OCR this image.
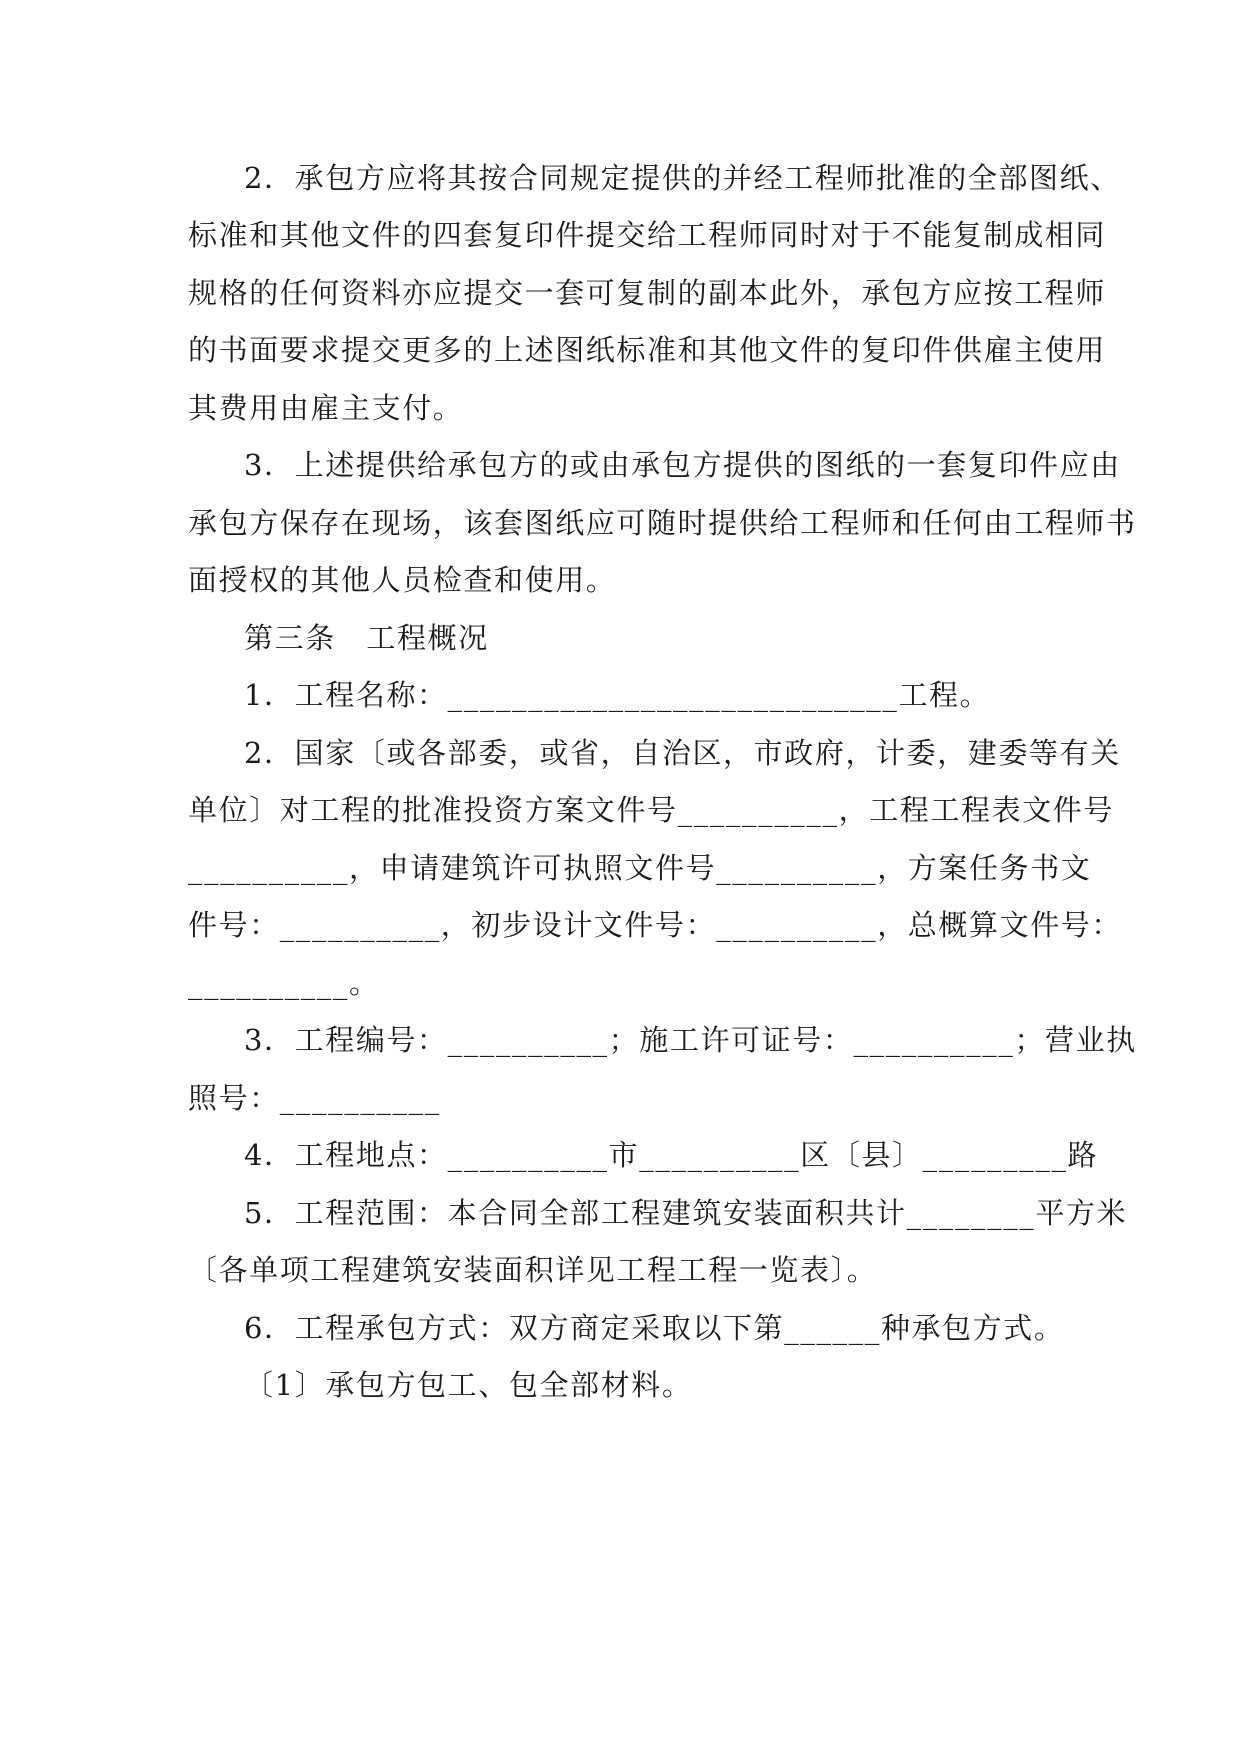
2．承包方应将其按合同规定提供的并经工程师批准的全部图纸、
标准和其他文件的四套复印件提交给工程师同时对于不能复制成相同
规格的任何资料亦应提交一套可复制的副本此外，承包方应按工程师
的书面要求提交更多的上述图纸标准和其他文件的复印件供雇主使用
其费用由雇主支付。
3．上述提供给承包方的或由承包方提供的图纸的一套复印件应由
承包方保存在现场，该套图纸应可随时提供给工程师和任何由工程师书
面授权的其他人员检查和使用。
第三条　工程概况
1．工程名称：____________________________工程。
2．国家〔或各部委，或省，自治区，市政府，计委，建委等有关
单位〕对工程的批准投资方案文件号__________，工程工程表文件号
__________，申请建筑许可执照文件号__________，方案任务书文
件号：__________，初步设计文件号：__________，总概算文件号：
__________。
3．工程编号：__________；施工许可证号：__________；营业执
照号：__________
4．工程地点：__________市__________区〔县〕_________路
5．工程范围：本合同全部工程建筑安装面积共计________平方米
〔各单项工程建筑安装面积详见工程工程一览表〕。
6．工程承包方式：双方商定采取以下第______种承包方式。
〔1〕承包方包工、包全部材料。
